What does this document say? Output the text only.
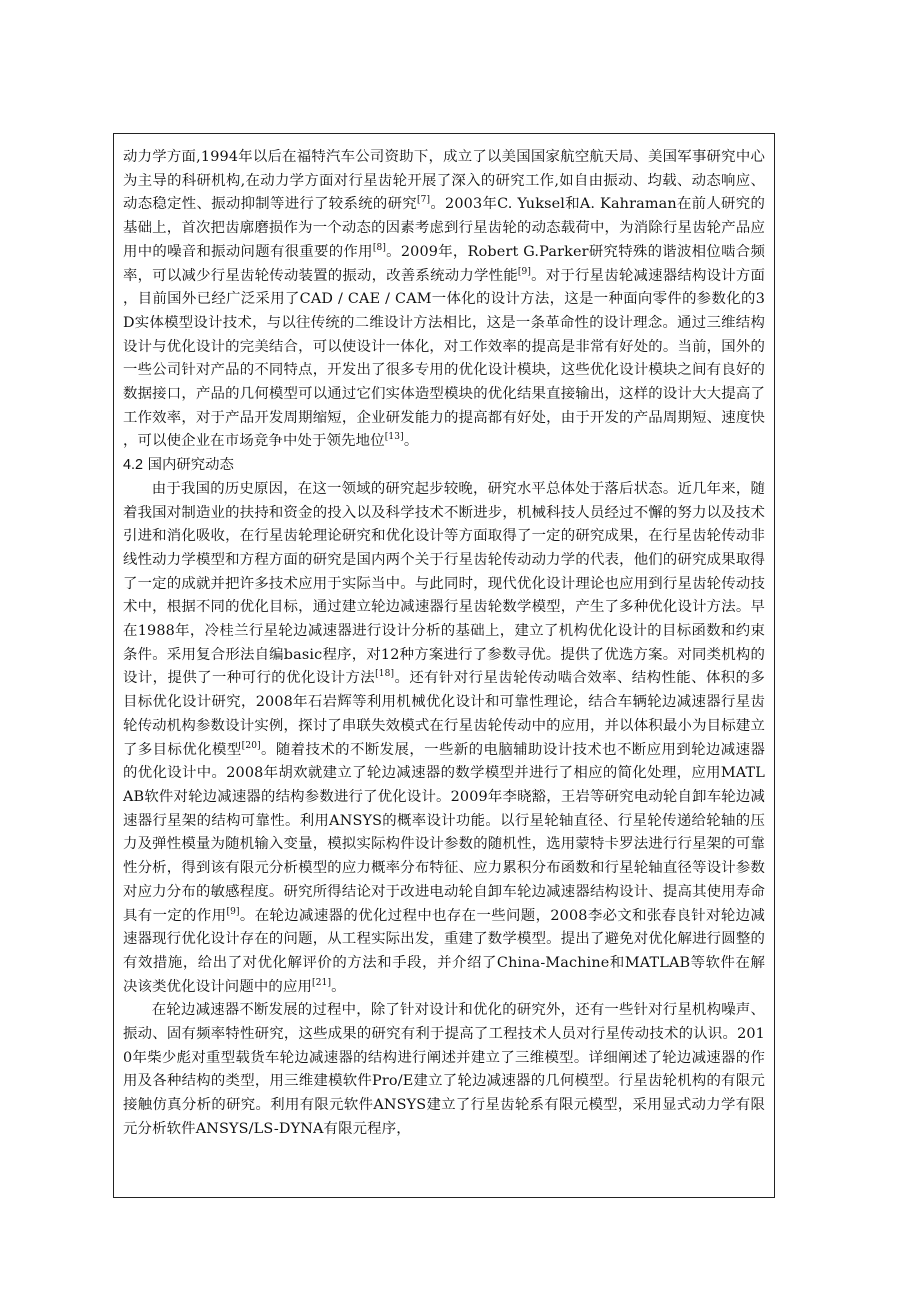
动力学方面,1994年以后在福特汽车公司资助下，成立了以美国国家航空航天局、美国军事研究中心为主导的科研机构,在动力学方面对行星齿轮开展了深入的研究工作,如自由振动、均载、动态响应、动态稳定性、振动抑制等进行了较系统的研究[7]。2003年C. Yuksel和A. Kahraman在前人研究的基础上，首次把齿廓磨损作为一个动态的因素考虑到行星齿轮的动态载荷中，为消除行星齿轮产品应用中的噪音和振动问题有很重要的作用[8]。2009年，Robert G.Parker研究特殊的谐波相位啮合频率，可以减少行星齿轮传动装置的振动，改善系统动力学性能[9]。对于行星齿轮减速器结构设计方面，目前国外已经广泛采用了CAD / CAE / CAM一体化的设计方法，这是一种面向零件的参数化的3D实体模型设计技术，与以往传统的二维设计方法相比，这是一条革命性的设计理念。通过三维结构设计与优化设计的完美结合，可以使设计一体化，对工作效率的提高是非常有好处的。当前，国外的一些公司针对产品的不同特点，开发出了很多专用的优化设计模块，这些优化设计模块之间有良好的数据接口，产品的几何模型可以通过它们实体造型模块的优化结果直接输出，这样的设计大大提高了工作效率，对于产品开发周期缩短，企业研发能力的提高都有好处，由于开发的产品周期短、速度快，可以使企业在市场竞争中处于领先地位[13]。

4.2 国内研究动态

由于我国的历史原因，在这一领域的研究起步较晚，研究水平总体处于落后状态。近几年来，随着我国对制造业的扶持和资金的投入以及科学技术不断进步，机械科技人员经过不懈的努力以及技术引进和消化吸收，在行星齿轮理论研究和优化设计等方面取得了一定的研究成果，在行星齿轮传动非线性动力学模型和方程方面的研究是国内两个关于行星齿轮传动动力学的代表，他们的研究成果取得了一定的成就并把许多技术应用于实际当中。与此同时，现代优化设计理论也应用到行星齿轮传动技术中，根据不同的优化目标，通过建立轮边减速器行星齿轮数学模型，产生了多种优化设计方法。早在1988年，冷桂兰行星轮边减速器进行设计分析的基础上，建立了机构优化设计的目标函数和约束条件。采用复合形法自编basic程序，对12种方案进行了参数寻优。提供了优选方案。对同类机构的设计，提供了一种可行的优化设计方法[18]。还有针对行星齿轮传动啮合效率、结构性能、体积的多目标优化设计研究，2008年石岩辉等利用机械优化设计和可靠性理论，结合车辆轮边减速器行星齿轮传动机构参数设计实例，探讨了串联失效模式在行星齿轮传动中的应用，并以体积最小为目标建立了多目标优化模型[20]。随着技术的不断发展，一些新的电脑辅助设计技术也不断应用到轮边减速器的优化设计中。2008年胡欢就建立了轮边减速器的数学模型并进行了相应的简化处理，应用MATLAB软件对轮边减速器的结构参数进行了优化设计。2009年李晓豁，王岩等研究电动轮自卸车轮边减速器行星架的结构可靠性。利用ANSYS的概率设计功能。以行星轮轴直径、行星轮传递给轮轴的压力及弹性模量为随机输入变量，模拟实际构件设计参数的随机性，选用蒙特卡罗法进行行星架的可靠性分析，得到该有限元分析模型的应力概率分布特征、应力累积分布函数和行星轮轴直径等设计参数对应力分布的敏感程度。研究所得结论对于改进电动轮自卸车轮边减速器结构设计、提高其使用寿命具有一定的作用[9]。在轮边减速器的优化过程中也存在一些问题，2008李必文和张春良针对轮边减速器现行优化设计存在的问题，从工程实际出发，重建了数学模型。提出了避免对优化解进行圆整的有效措施，给出了对优化解评价的方法和手段，并介绍了China-Machine和MATLAB等软件在解决该类优化设计问题中的应用[21]。

在轮边减速器不断发展的过程中，除了针对设计和优化的研究外，还有一些针对行星机构噪声、振动、固有频率特性研究，这些成果的研究有利于提高了工程技术人员对行星传动技术的认识。2010年柴少彪对重型载货车轮边减速器的结构进行阐述并建立了三维模型。详细阐述了轮边减速器的作用及各种结构的类型，用三维建模软件Pro/E建立了轮边减速器的几何模型。行星齿轮机构的有限元接触仿真分析的研究。利用有限元软件ANSYS建立了行星齿轮系有限元模型，采用显式动力学有限元分析软件ANSYS/LS-DYNA有限元程序，
